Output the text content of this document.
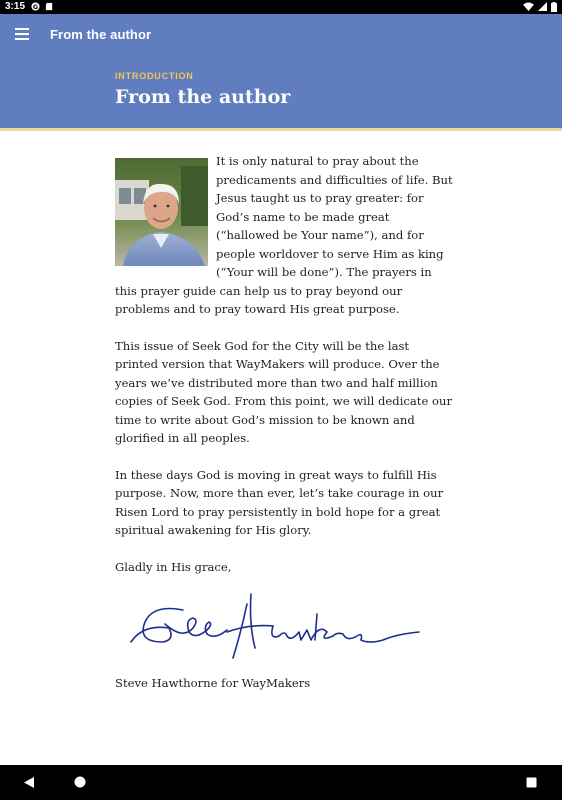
3:15 G
From the author
INTRODUCTION
From the author

It is only natural to pray about the predicaments and difficulties of life. But Jesus taught us to pray greater: for God’s name to be made great (“hallowed be Your name”), and for people worldover to serve Him as king (“Your will be done”). The prayers in this prayer guide can help us to pray beyond our problems and to pray toward His great purpose.

This issue of Seek God for the City will be the last printed version that WayMakers will produce. Over the years we’ve distributed more than two and half million copies of Seek God. From this point, we will dedicate our time to write about God’s mission to be known and glorified in all peoples.

In these days God is moving in great ways to fulfill His purpose. Now, more than ever, let’s take courage in our Risen Lord to pray persistently in bold hope for a great spiritual awakening for His glory.

Gladly in His grace,

Steve Hawthorne for WayMakers
